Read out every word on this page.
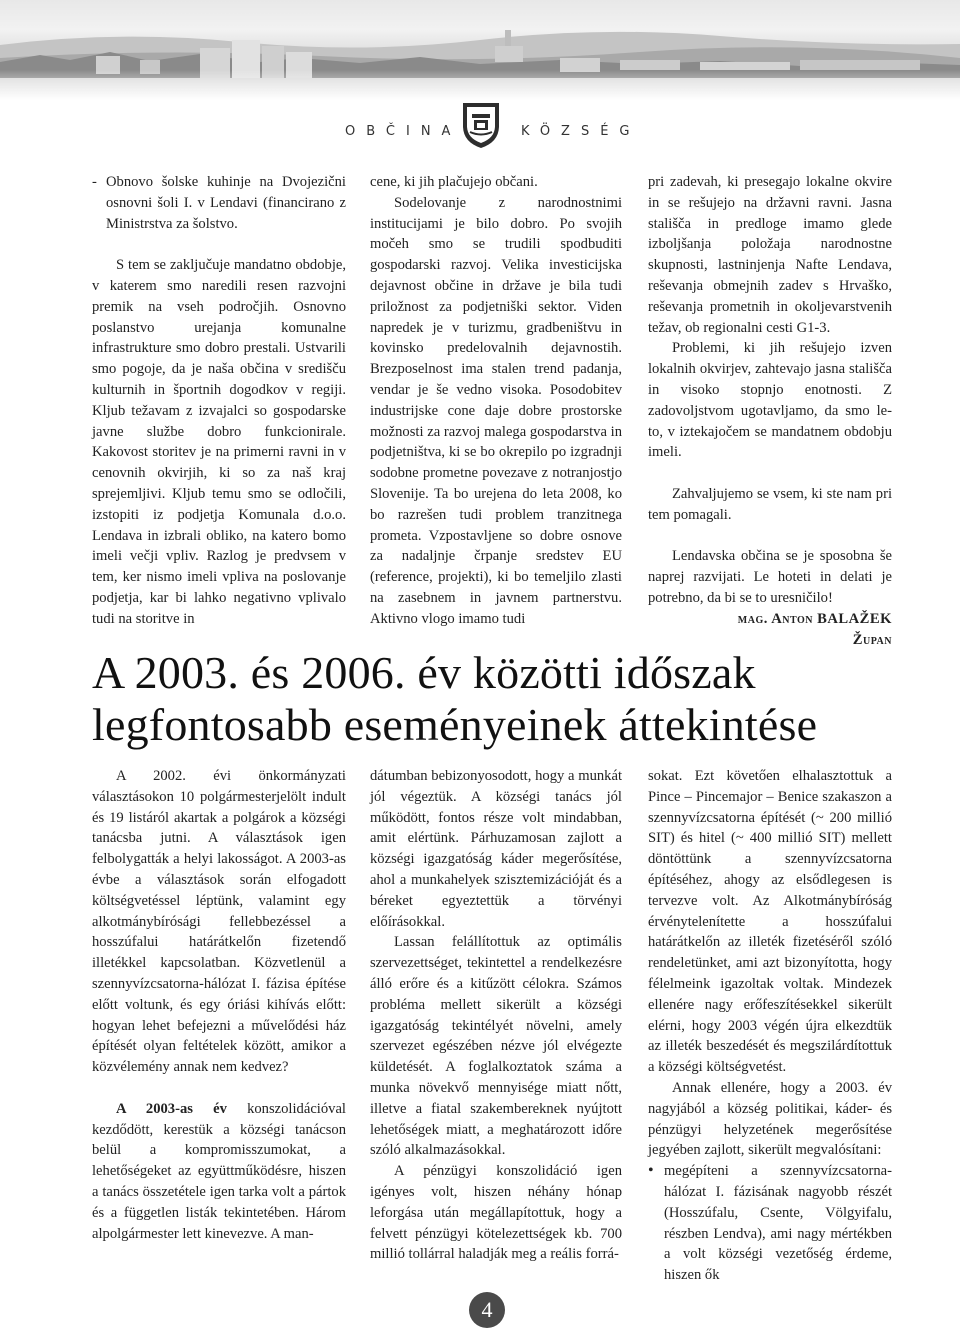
OBČINA	KÖZSÉG
- Obnovo šolske kuhinje na Dvojezični osnovni šoli I. v Lendavi (financirano z Ministrstva za šolstvo.

S tem se zaključuje mandatno obdobje, v katerem smo naredili resen razvojni premik na vseh področjih. Osnovno poslanstvo urejanja komunalne infrastrukture smo dobro prestali. Ustvarili smo pogoje, da je naša občina v središču kulturnih in športnih dogodkov v regiji. Kljub težavam z izvajalci so gospodarske javne službe dobro funkcionirale. Kakovost storitev je na primerni ravni in v cenovnih okvirjih, ki so za naš kraj sprejemljivi. Kljub temu smo se odločili, izstopiti iz podjetja Komunala d.o.o. Lendava in izbrali obliko, na katero bomo imeli večji vpliv. Razlog je predvsem v tem, ker nismo imeli vpliva na poslovanje podjetja, kar bi lahko negativno vplivalo tudi na storitve in

cene, ki jih plačujejo občani.

Sodelovanje z narodnostnimi institucijami je bilo dobro. Po svojih močeh smo se trudili spodbuditi gospodarski razvoj. Velika investicijska dejavnost občine in države je bila tudi priložnost za podjetniški sektor. Viden napredek je v turizmu, gradbeništvu in kovinsko predelovalnih dejavnostih. Brezposelnost ima stalen trend padanja, vendar je še vedno visoka. Posodobitev industrijske cone daje dobre prostorske možnosti za razvoj malega gospodarstva in podjetništva, ki se bo okrepilo po izgradnji sodobne prometne povezave z notranjostjo Slovenije. Ta bo urejena do leta 2008, ko bo razrešen tudi problem tranzitnega prometa. Vzpostavljene so dobre osnove za nadaljnje črpanje sredstev EU (reference, projekti), ki bo temeljilo zlasti na zasebnem in javnem partnerstvu. Aktivno vlogo imamo tudi

pri zadevah, ki presegajo lokalne okvire in se rešujejo na državni ravni. Jasna stališča in predloge imamo glede izboljšanja položaja narodnostne skupnosti, lastninjenja Nafte Lendava, reševanja obmejnih zadev s Hrvaško, reševanja prometnih in okoljevarstvenih težav, ob regionalni cesti G1-3.

Problemi, ki jih rešujejo izven lokalnih okvirjev, zahtevajo jasna stališča in visoko stopnjo enotnosti. Z zadovoljstvom ugotavljamo, da smo le- to, v iztekajočem se mandatnem obdobju imeli.

Zahvaljujemo se vsem, ki ste nam pri tem pomagali.

Lendavska občina se je sposobna še naprej razvijati. Le hoteti in delati je potrebno, da bi se to uresničilo!

mag. Anton BALAŽEK

Župan

A 2003. és 2006. év közötti időszak
legfontosabb eseményeinek áttekintése

A 2002. évi önkormányzati választásokon 10 polgármesterjelölt indult és 19 listáról akartak a polgárok a községi tanácsba jutni. A választások igen felbolygatták a helyi lakosságot. A 2003-as évbe a választások során elfogadott költségvetéssel léptünk, valamint egy alkotmánybírósági fellebbezéssel a hosszúfalui határátkelőn fizetendő illetékkel kapcsolatban. Közvetlenül a szennyvízcsatorna-hálózat I. fázisa építése előtt voltunk, és egy óriási kihívás előtt: hogyan lehet befejezni a művelődési ház építését olyan feltételek között, amikor a közvélemény annak nem kedvez?

A 2003-as év konszolidációval kezdődött, kerestük a községi tanácson belül a kompromisszumokat, a lehetőségeket az együttműködésre, hiszen a tanács összetétele igen tarka volt a pártok és a független listák tekintetében. Három alpolgármester lett kinevezve. A man-

dátumban bebizonyosodott, hogy a munkát jól végeztük. A községi tanács jól működött, fontos része volt mindabban, amit elértünk. Párhuzamosan zajlott a községi igazgatóság káder megerősítése, ahol a munkahelyek szisztemizációját és a béreket egyeztettük a törvényi előírásokkal.

Lassan felállítottuk az optimális szervezettséget, tekintettel a rendelkezésre álló erőre és a kitűzött célokra. Számos probléma mellett sikerült a községi igazgatóság tekintélyét növelni, amely szervezet egészében nézve jól elvégezte küldetését. A foglalkoztatok száma a munka növekvő mennyisége miatt nőtt, illetve a fiatal szakembereknek nyújtott lehetőségek miatt, a meghatározott időre szóló alkalmazásokkal.

A pénzügyi konszolidáció igen igényes volt, hiszen néhány hónap leforgása után megállapítottuk, hogy a felvett pénzügyi kötelezettségek kb. 700 millió tollárral haladják meg a reális forrá-

sokat. Ezt követően elhalasztottuk a Pince – Pincemajor – Benice szakaszon a szennyvízcsatorna építését (~ 200 millió SIT) és hitel (~ 400 millió SIT) mellett döntöttünk a szennyvízcsatorna építéséhez, ahogy az elsődlegesen is tervezve volt. Az Alkotmánybíróság érvénytelenítette a hosszúfalui határátkelőn az illeték fizetéséről szóló rendeletünket, ami azt bizonyította, hogy félelmeink igazoltak voltak. Mindezek ellenére nagy erőfeszítésekkel sikerült elérni, hogy 2003 végén újra elkezdtük az illeték beszedését és megszilárdítottuk a községi költségvetést.

Annak ellenére, hogy a 2003. év nagyjából a község politikai, káder- és pénzügyi helyzetének megerősítése jegyében zajlott, sikerült megvalósítani:

• megépíteni a szennyvízcsatorna-hálózat I. fázisának nagyobb részét (Hosszúfalu, Csente, Völgyifalu, részben Lendva), ami nagy mértékben a volt községi vezetőség érdeme, hiszen ők
4
